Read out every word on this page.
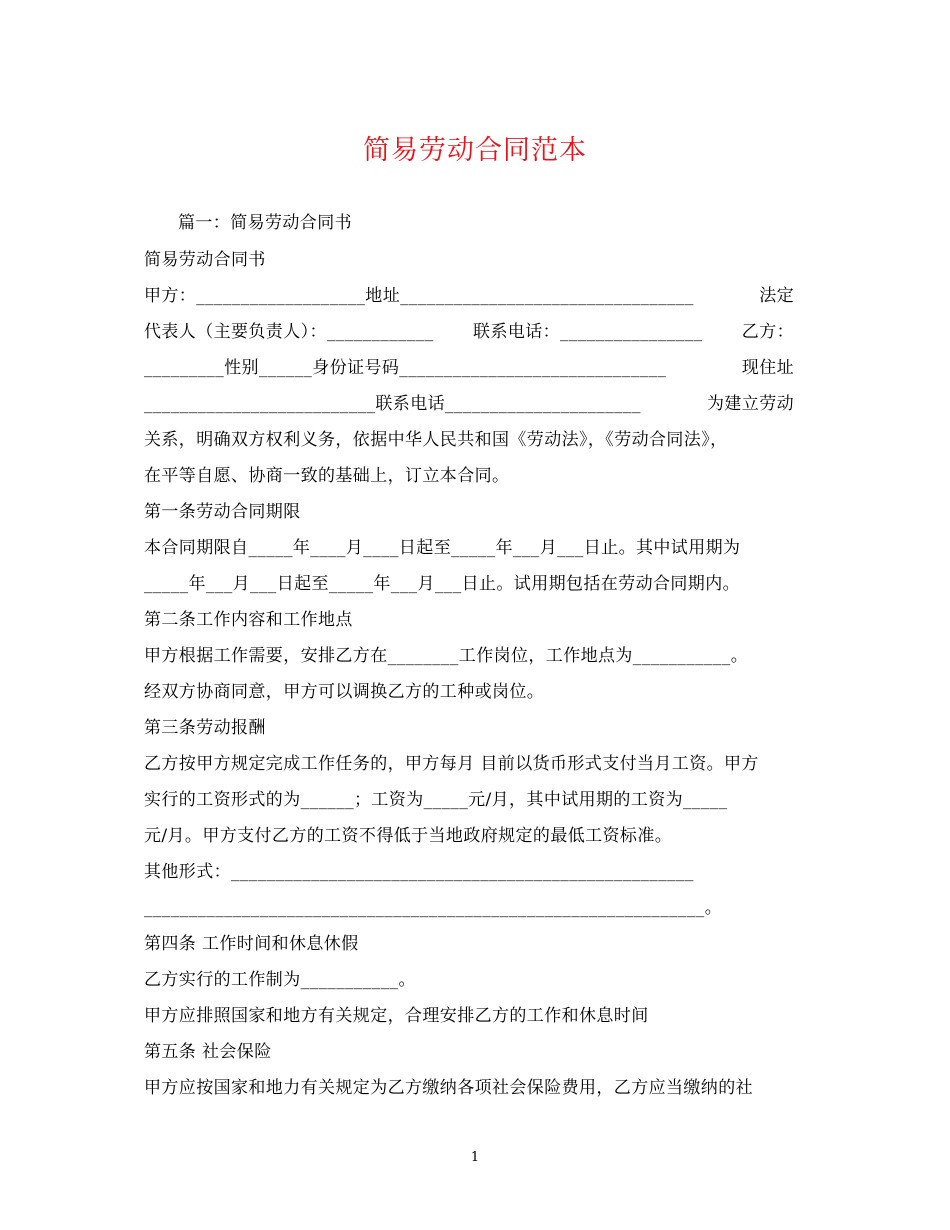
简易劳动合同范本
篇一：简易劳动合同书
简易劳动合同书
甲方：___________________地址_________________________________	法定
代表人（主要负责人）：____________ 联系电话：________________ 乙方：
_________性别______身份证号码______________________________	现住址
__________________________联系电话______________________	为建立劳动
关系，明确双方权利义务，依据中华人民共和国《劳动法》，《劳动合同法》，
在平等自愿、协商一致的基础上，订立本合同。
第一条劳动合同期限
本合同期限自_____年____月____日起至_____年___月___日止。其中试用期为
_____年___月___日起至_____年___月___日止。试用期包括在劳动合同期内。
第二条工作内容和工作地点
甲方根据工作需要，安排乙方在________工作岗位，工作地点为___________。
经双方协商同意，甲方可以调换乙方的工种或岗位。
第三条劳动报酬
乙方按甲方规定完成工作任务的，甲方每月 目前以货币形式支付当月工资。甲方
实行的工资形式的为______；工资为_____元/月，其中试用期的工资为_____
元/月。甲方支付乙方的工资不得低于当地政府规定的最低工资标准。
其他形式：____________________________________________________
_______________________________________________________________。
第四条 工作时间和休息休假
乙方实行的工作制为___________。
甲方应排照国家和地方有关规定，合理安排乙方的工作和休息时间
第五条 社会保险
甲方应按国家和地力有关规定为乙方缴纳各项社会保险费用，乙方应当缴纳的社
1
